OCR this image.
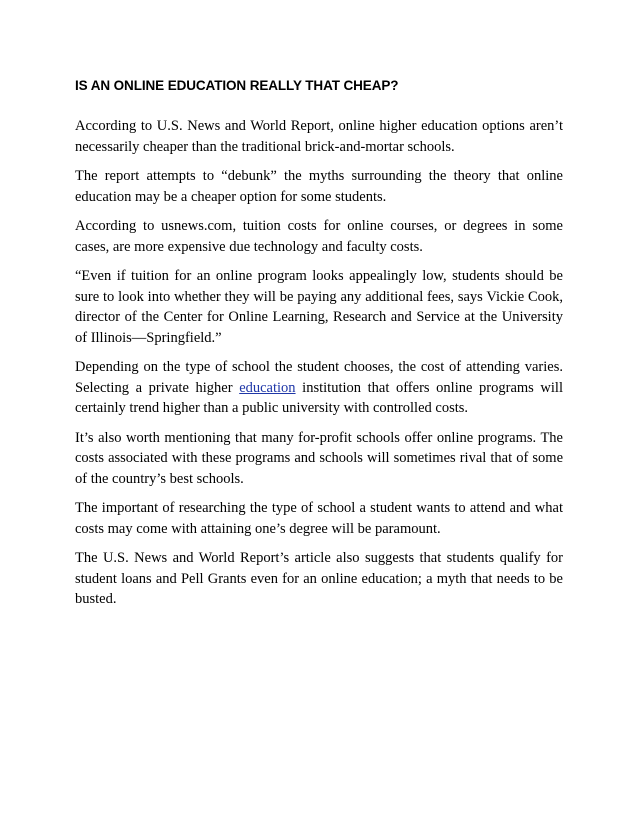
IS AN ONLINE EDUCATION REALLY THAT CHEAP?

According to U.S. News and World Report, online higher education options aren’t necessarily cheaper than the traditional brick-and-mortar schools.

The report attempts to “debunk” the myths surrounding the theory that online education may be a cheaper option for some students.

According to usnews.com, tuition costs for online courses, or degrees in some cases, are more expensive due technology and faculty costs.

“Even if tuition for an online program looks appealingly low, students should be sure to look into whether they will be paying any additional fees, says Vickie Cook, director of the Center for Online Learning, Research and Service at the University of Illinois—Springfield.”

Depending on the type of school the student chooses, the cost of attending varies. Selecting a private higher education institution that offers online programs will certainly trend higher than a public university with controlled costs.

It’s also worth mentioning that many for-profit schools offer online programs. The costs associated with these programs and schools will sometimes rival that of some of the country’s best schools.

The important of researching the type of school a student wants to attend and what costs may come with attaining one’s degree will be paramount.

The U.S. News and World Report’s article also suggests that students qualify for student loans and Pell Grants even for an online education; a myth that needs to be busted.
